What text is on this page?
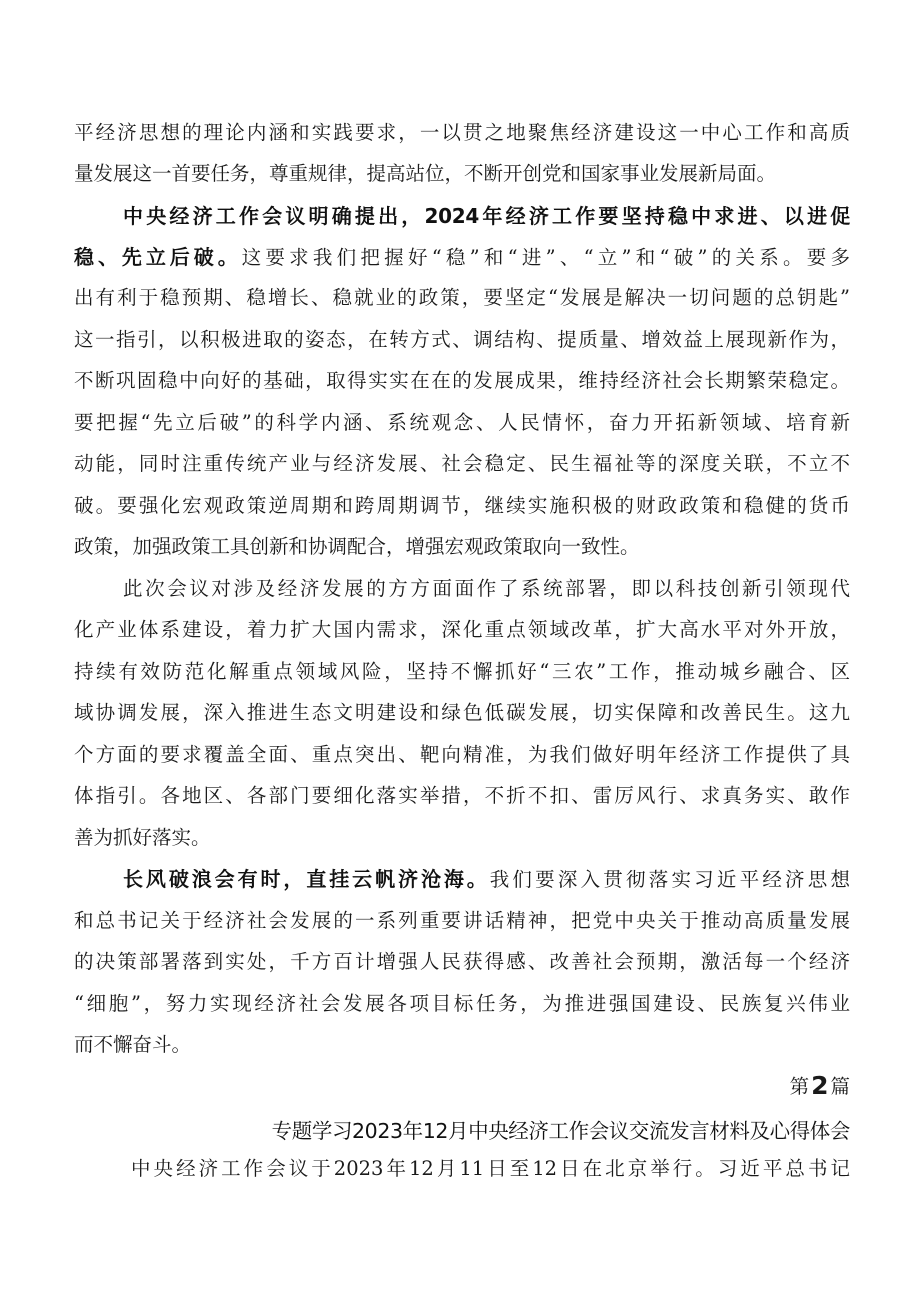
平经济思想的理论内涵和实践要求，一以贯之地聚焦经济建设这一中心工作和高质
量发展这一首要任务，尊重规律，提高站位，不断开创党和国家事业发展新局面。
中央经济工作会议明确提出，2024年经济工作要坚持稳中求进、以进促
稳、先立后破。这要求我们把握好“稳”和“进”、“立”和“破”的关系。要多
出有利于稳预期、稳增长、稳就业的政策，要坚定“发展是解决一切问题的总钥匙”
这一指引，以积极进取的姿态，在转方式、调结构、提质量、增效益上展现新作为，
不断巩固稳中向好的基础，取得实实在在的发展成果，维持经济社会长期繁荣稳定。
要把握“先立后破”的科学内涵、系统观念、人民情怀，奋力开拓新领域、培育新
动能，同时注重传统产业与经济发展、社会稳定、民生福祉等的深度关联，不立不
破。要强化宏观政策逆周期和跨周期调节，继续实施积极的财政政策和稳健的货币
政策，加强政策工具创新和协调配合，增强宏观政策取向一致性。
此次会议对涉及经济发展的方方面面作了系统部署，即以科技创新引领现代
化产业体系建设，着力扩大国内需求，深化重点领域改革，扩大高水平对外开放，
持续有效防范化解重点领域风险，坚持不懈抓好“三农”工作，推动城乡融合、区
域协调发展，深入推进生态文明建设和绿色低碳发展，切实保障和改善民生。这九
个方面的要求覆盖全面、重点突出、靶向精准，为我们做好明年经济工作提供了具
体指引。各地区、各部门要细化落实举措，不折不扣、雷厉风行、求真务实、敢作
善为抓好落实。
长风破浪会有时，直挂云帆济沧海。我们要深入贯彻落实习近平经济思想
和总书记关于经济社会发展的一系列重要讲话精神，把党中央关于推动高质量发展
的决策部署落到实处，千方百计增强人民获得感、改善社会预期，激活每一个经济
“细胞”，努力实现经济社会发展各项目标任务，为推进强国建设、民族复兴伟业
而不懈奋斗。
第2 篇
专题学习2023年12月中央经济工作会议交流发言材料及心得体会
中央经济工作会议于2023年12月11日至12日在北京举行。习近平总书记
